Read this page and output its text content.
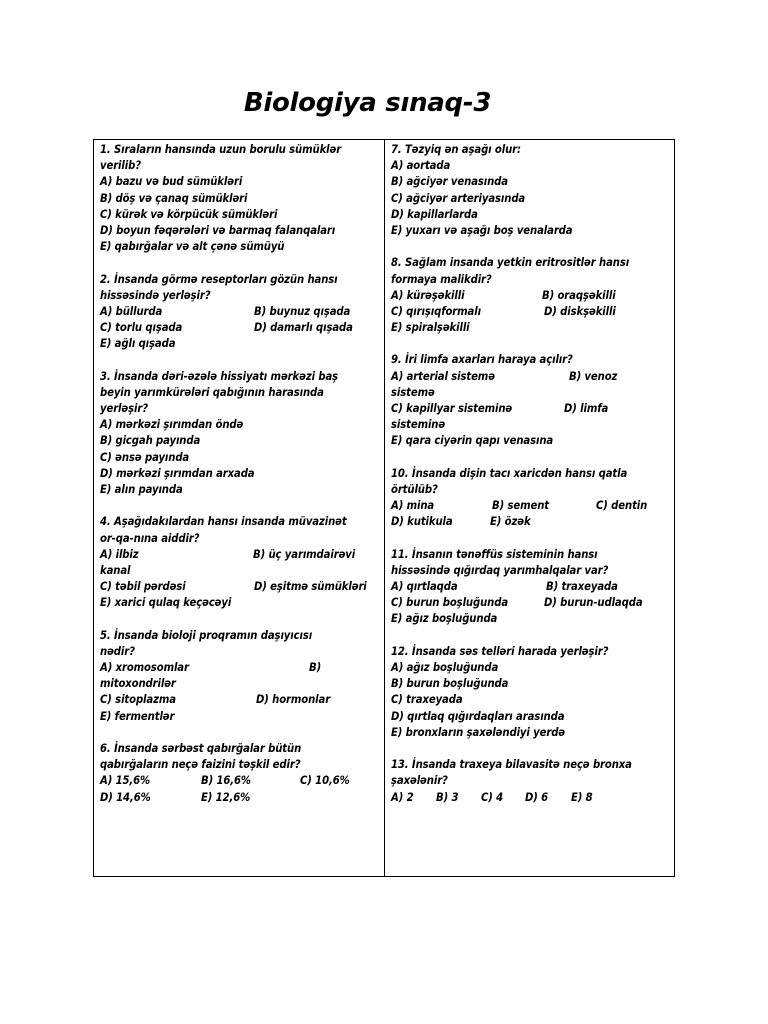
Biologiya sınaq-3
1. Sıraların hansında uzun borulu sümüklər
verilib?
A) bazu və bud sümükləri
B) döş və çanaq sümükləri
C) kürək və körpücük sümükləri
D) boyun fəqərələri və barmaq falanqaları
E) qabırğalar və alt çənə sümüyü
2. İnsanda görmə reseptorları gözün hansı
hissəsində yerləşir?
A) büllurda	B) buynuz qışada
C) torlu qışada	D) damarlı qışada
E) ağlı qışada
3. İnsanda dəri-əzələ hissiyatı mərkəzi baş
beyin yarımkürələri qabığının harasında
yerləşir?
A) mərkəzi şırımdan öndə
B) gicgah payında
C) ənsə payında
D) mərkəzi şırımdan arxada
E) alın payında
4. Aşağıdakılardan hansı insanda müvazinət
or-qa-nına aiddir?
A) ilbiz	B) üç yarımdairəvi
kanal
C) təbil pərdəsi	D) eşitmə sümükləri
E) xarici qulaq keçəcəyi
5. İnsanda bioloji proqramın daşıyıcısı
nədir?
A) xromosomlar	B)
mitoxondrilər
C) sitoplazma	D) hormonlar
E) fermentlər
6. İnsanda sərbəst qabırğalar bütün
qabırğaların neçə faizini təşkil edir?
A) 15,6%	B) 16,6%	C) 10,6%
D) 14,6%	E) 12,6%
7. Təzyiq ən aşağı olur:
A) aortada
B) ağciyər venasında
C) ağciyər arteriyasında
D) kapillarlarda
E) yuxarı və aşağı boş venalarda
8. Sağlam insanda yetkin eritrositlər hansı
formaya malikdir?
A) kürəşəkilli	B) oraqşəkilli
C) qırışıqformalı	D) diskşəkilli
E) spiralşəkilli
9. İri limfa axarları haraya açılır?
A) arterial sistemə	B) venoz
sistemə
C) kapillyar sisteminə	D) limfa
sisteminə
E) qara ciyərin qapı venasına
10. İnsanda dişin tacı xaricdən hansı qatla
örtülüb?
A) mina	B) sement	C) dentin
D) kutikula	E) özək
11. İnsanın tənəffüs sisteminin hansı
hissəsində qığırdaq yarımhalqalar var?
A) qırtlaqda	B) traxeyada
C) burun boşluğunda	D) burun-udlaqda
E) ağız boşluğunda
12. İnsanda səs telləri harada yerləşir?
A) ağız boşluğunda
B) burun boşluğunda
C) traxeyada
D) qırtlaq qığırdaqları arasında
E) bronxların şaxələndiyi yerdə
13. İnsanda traxeya bilavasitə neçə bronxa
şaxələnir?
A) 2 B) 3 C) 4 D) 6 E) 8
